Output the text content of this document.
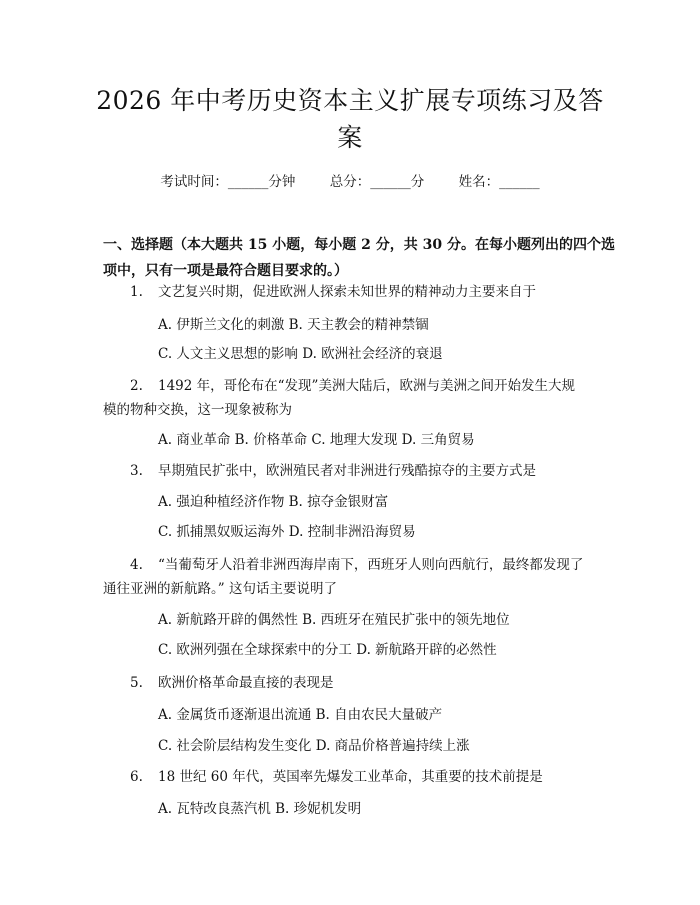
2026 年中考历史资本主义扩展专项练习及答
案
考试时间：______分钟	总分：______分	姓名：______
一、选择题（本大题共 15 小题，每小题 2 分，共 30 分。在每小题列出的四个选
项中，只有一项是最符合题目要求的。）
1. 文艺复兴时期，促进欧洲人探索未知世界的精神动力主要来自于
A. 伊斯兰文化的刺激 B. 天主教会的精神禁锢
C. 人文主义思想的影响 D. 欧洲社会经济的衰退
2. 1492 年，哥伦布在“发现”美洲大陆后，欧洲与美洲之间开始发生大规
模的物种交换，这一现象被称为
A. 商业革命 B. 价格革命 C. 地理大发现 D. 三角贸易
3. 早期殖民扩张中，欧洲殖民者对非洲进行残酷掠夺的主要方式是
A. 强迫种植经济作物 B. 掠夺金银财富
C. 抓捕黑奴贩运海外 D. 控制非洲沿海贸易
4. “当葡萄牙人沿着非洲西海岸南下，西班牙人则向西航行，最终都发现了
通往亚洲的新航路。” 这句话主要说明了
A. 新航路开辟的偶然性 B. 西班牙在殖民扩张中的领先地位
C. 欧洲列强在全球探索中的分工 D. 新航路开辟的必然性
5. 欧洲价格革命最直接的表现是
A. 金属货币逐渐退出流通 B. 自由农民大量破产
C. 社会阶层结构发生变化 D. 商品价格普遍持续上涨
6. 18 世纪 60 年代，英国率先爆发工业革命，其重要的技术前提是
A. 瓦特改良蒸汽机 B. 珍妮机发明
